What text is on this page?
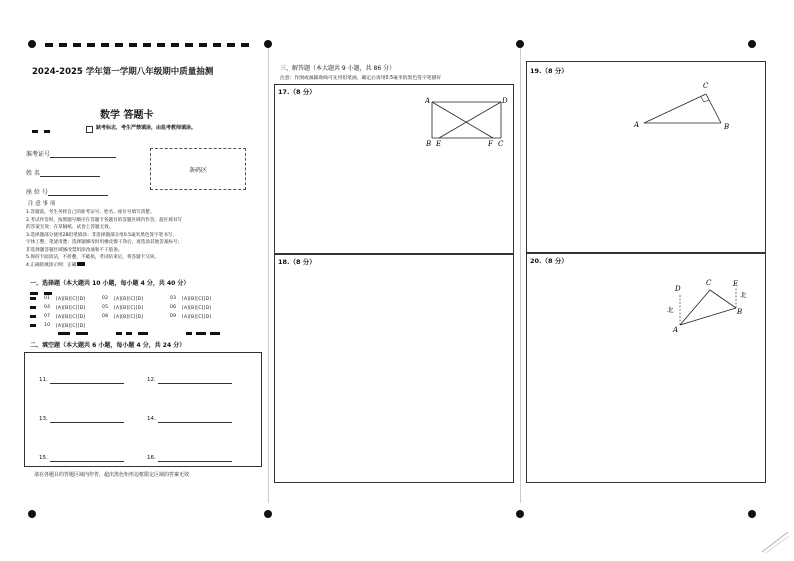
2024-2025 学年第一学期八年级期中质量抽测
数学 答题卡
缺考标志，考生严禁填涂，由监考教师填涂。
准考证号
姓 名
座 位 号
条码区
注 意 事 项
1.答题前，考生务将自己的准考证号、姓名、座位号填写清楚。
2.考试作答时，按照题号顺序在答题卡各题目的答题区域内作答，超区域书写
的答案无效；在草稿纸、试卷上答题无效。
3.选择题部分使用2B铅笔填涂；非选择题部分用0.5毫米黑色签字笔书写，
字体工整，笔迹清楚；选择题修改时用橡皮擦干净后，再选涂其他答案标号；
非选择题答题区域修改禁用涂改液和不干胶条。
5.保持卡面清洁，不折叠，不破损，考试结束后，将答题卡交回。
4.正确的填涂示例：正确
一、选择题（本大题共 10 小题，每小题 4 分，共 40 分）
01 [A][B][C][D]	02 [A][B][C][D]	03 [A][B][C][D]
04 [A][B][C][D]	05 [A][B][C][D]	06 [A][B][C][D]
07 [A][B][C][D]	08 [A][B][C][D]	09 [A][B][C][D]
10 [A][B][C][D]
二、填空题（本大题共 6 小题，每小题 4 分，共 24 分）
11.	12.
13.	14.
15.	16.
请在各题目的答题区域内作答，超出黑色矩形边框限定区域的答案无效
三、解答题（本大题共 9 小题，共 86 分）
注意：作图或画辅助线可先用铅笔画，确定后再用0.5毫米的黑色签字笔描好
17.（8 分）
A	D
B E	F C
18.（8 分）
19.（8 分）
C
A	B
20.（8 分）
D
C	E
北
北
A
B
